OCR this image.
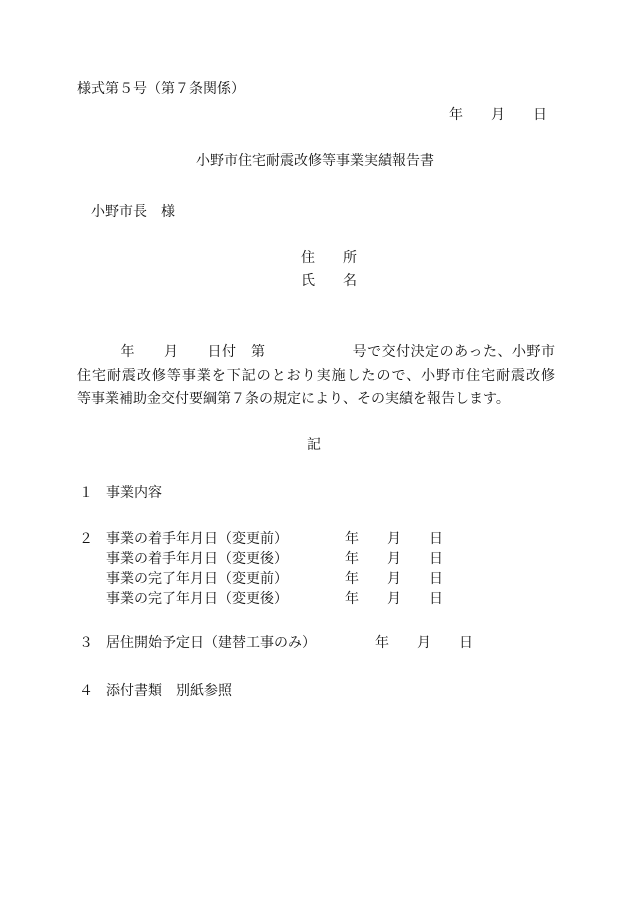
様式第５号（第７条関係）
年　　月　　日
小野市住宅耐震改修等事業実績報告書
小野市長　様
住　　所
氏　　名
　　　年　　月　　日付　第　　　　　　号で交付決定のあった、小野市
住宅耐震改修等事業を下記のとおり実施したので、小野市住宅耐震改修
等事業補助金交付要綱第７条の規定により、その実績を報告します。
記
１ 事業内容
２ 事業の着手年月日（変更前）	年　　月　　日
事業の着手年月日（変更後）	年　　月　　日
事業の完了年月日（変更前）	年　　月　　日
事業の完了年月日（変更後）	年　　月　　日
３ 居住開始予定日（建替工事のみ）	年　　月　　日
４ 添付書類　別紙参照
